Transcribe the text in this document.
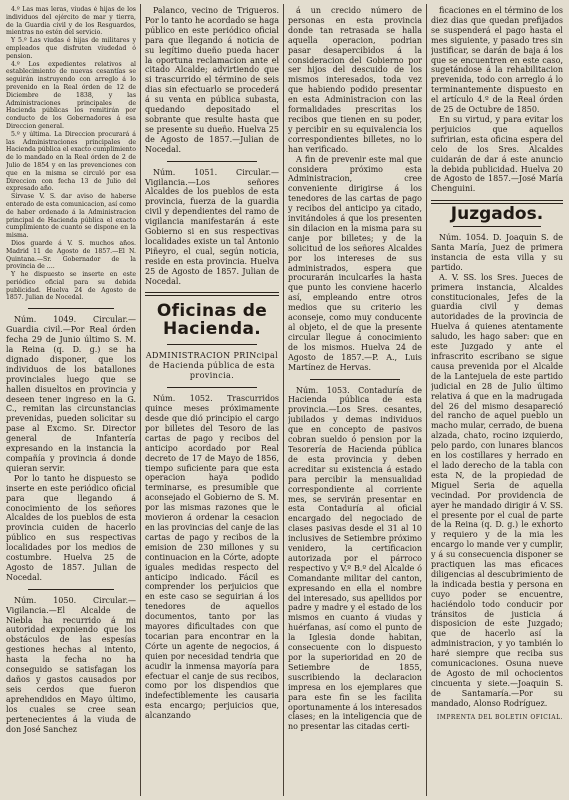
4.º Las mas leras, viudas é hijas de los individuos del ejército de mar y tierra, de la Guardia civil y de los Resguardos, mientras no estén del servicio.

Y 5.º Las viudas é hijas de militares y empleados que disfruten viudedad ó pension.

4.º Los expedientes relativos al establecimiento de nuevas cesantías se seguirán instruyendo con arreglo á lo prevenido en la Real órden de 12 de Diciembre de 1838, y las Administraciones principales de Hacienda públicas los remitirán por conducto de los Gobernadores á esa Direccion general.

5.º y última. La Direccion procurará á las Administraciones principales de Hacienda pública el exacto cumplimiento de lo mandado en la Real órden de 2 de Julio de 1854 y en las prevenciones con que en la misma se circuló por esa Direccion con fecha 13 de Julio del expresado año.

Sírvase V. S. dar aviso de haberse enterado de esta comunicacion, así como de haber ordenado á la Administracion principal de Hacienda pública el exacto cumplimiento de cuanto se dispone en la misma.

Dios guarde á V. S. muchos años. Madrid 11 de Agosto de 1857.—El N. Quintana.—Sr. Gobernador de la provincia de ....

Y he dispuesto se inserte en este periódico oficial para su debida publicidad. Huelva 24 de Agosto de 1857. Julian de Nocedal.

Núm. 1049. Circular.—Guardia civil.—Por Real órden fecha 29 de Junio último S. M. la Reina (q. D. g.) se ha dignado disponer, que los individuos de los batallones provinciales luego que se hallen disueltos en provincia y deseen tener ingreso en la G. C., remitan las circunstancias prevenidas, pueden solicitar su pase al Excmo. Sr. Director general de Infantería expresando en la instancia la compañía y provincia á donde quieran servir.

Por lo tanto he dispuesto se inserte en este periódico oficial para que llegando á conocimiento de los señores Alcaldes de los pueblos de esta provincia cuiden de hacerlo público en sus respectivas localidades por los medios de costumbre. Huelva 25 de Agosto de 1857. Julian de Nocedal.

Núm. 1050. Circular.—Vigilancia.—El Alcalde de Niebla ha recurrido á mi autoridad exponiendo que los obstáculos de las espesías gestiones hechas al intento, hasta la fecha no ha conseguido se satisfagan los daños y gastos causados por seis cerdos que fueron aprehendidos en Mayo último, los cuales se cree sean pertenecientes á la viuda de don José Sanchez

Palanco, vecino de Trigueros. Por lo tanto he acordado se haga público en este periódico oficial para que llegando á noticia de su legítimo dueño pueda hacer la oportuna reclamacion ante el citado Alcalde; advirtiendo que si trascurrido el término de seis dias sin efectuarlo se procederá á su venta en pública subasta, quedando depositado el sobrante que resulte hasta que se presente su dueño. Huelva 25 de Agosto de 1857.—Julian de Nocedal.

Núm. 1051. Circular.—Vigilancia.—Los señores Alcaldes de los pueblos de esta provincia, fuerza de la guardia civil y dependientes del ramo de vigilancia manifestarán á este Gobierno si en sus respectivas localidades existe un tal Antonio Piñeyro, el cual, según noticia, reside en esta provincia. Huelva 25 de Agosto de 1857. Julian de Nocedal.

Oficinas de Hacienda.

ADMINISTRACION PRINcipal de Hacienda pública de esta provincia.

Núm. 1052. Trascurridos quince meses próximamente desde que dió principio el cargo por billetes del Tesoro de las cartas de pago y recibos del anticipo acordado por Real decreto de 17 de Mayo de 1856, tiempo suficiente para que esta operacion haya podido terminarse, es presumible que aconsejado el Gobierno de S. M. por las mismas razones que le movieron á ordenar la cesacion en las provincias del canje de las cartas de pago y recibos de la emision de 230 millones y su continuacion en la Córte, adopte iguales medidas respecto del anticipo indicado. Fácil es comprender los perjuicios que en este caso se seguirian á los tenedores de aquellos documentos, tanto por las mayores dificultades con que tocarian para encontrar en la Córte un agente de negocios, á quien por necesidad tendria que acudir la inmensa mayoría para efectuar el canje de sus recibos, como por los dispendios que indefectiblemente les causaria esta encargo; perjuicios que, alcanzando

á un crecido número de personas en esta provincia donde tan retrasada se halla aquella operacion, podrian pasar desapercibidos á la consideracion del Gobierno por ser hijos del descuido de los mismos interesados, toda vez que habiendo podido presentar en esta Administracion con las formalidades prescritas los recibos que tienen en su poder, y percibir en su equivalencia los correspondientes billetes, no lo han verificado.

A fin de prevenir este mal que considera próximo esta Administracion, cree conveniente dirigirse á los tenedores de las cartas de pago y recibos del anticipo ya citado, invitándoles á que los presenten sin dilacion en la misma para su canje por billetes; y de la solicitud de los señores Alcaldes por los intereses de sus administrados, espera que procurarán inculcarles la hasta que punto les conviene hacerlo así, empleando entre otros medios que su criterio les aconseje, como muy conducente al objeto, el de que la presente circular llegue á conocimiento de los mismos. Huelva 24 de Agosto de 1857.—P. A., Luis Martínez de Hervas.

Núm. 1053. Contaduría de Hacienda pública de esta provincia.—Los Sres. cesantes, jubilados y demas individuos que en concepto de pasivos cobran sueldo ó pension por la Tesorería de Hacienda pública de esta provincia y deben acreditar su existencia á estado para percibir la mensualidad correspondiente al corriente mes, se servirán presentar en esta Contaduría al oficial encargado del negociado de clases pasivas desde el 31 al 10 inclusives de Setiembre próximo venidero, la certificacion autorizada por el párroco respectivo y V.º B.º del Alcalde ó Comandante militar del canton, expresando en ella el nombre del interesado, sus apellidos por padre y madre y el estado de los mismos en cuanto á viudas y huérfanas, así como el punto de la Iglesia donde habitan, consecuente con lo dispuesto por la superioridad en 20 de Setiembre de 1855, suscribiendo la declaracion impresa en los ejemplares que para este fin se les facilita oportunamente á los interesados clases; en la inteligencia que de no presentar las citadas certi-

ficaciones en el término de los diez dias que quedan prefijados se suspenderá el pago hasta el mes siguiente, y pasado tres sin justificar, se darán de baja á los que se encuentren en este caso, sugetándose á la rehabilitacion prevenida, todo con arreglo á lo terminantemente dispuesto en el artículo 4.º de la Real órden de 25 de Octubre de 1850.

En su virtud, y para evitar los perjuicios que aquellos sufririan, esta oficina espera del celo de los Sres. Alcaldes cuidarán de dar á este anuncio la debida publicidad. Huelva 20 de Agosto de 1857.—José María Chenguini.

Juzgados.

Núm. 1054. D. Joaquin S. de Santa María, Juez de primera instancia de esta villa y su partido.

A. V. SS. los Sres. Jueces de primera instancia, Alcaldes constitucionales, Jefes de la guardia civil y demas autoridades de la provincia de Huelva á quienes atentamente saludo, les hago saber: que en este Juzgado y ante el infrascrito escribano se sigue causa prevenida por el Alcalde de la Lantejuela de este partido judicial en 28 de Julio último relativa á que en la madrugada del 26 del mismo desapareció del rancho de aquel pueblo un macho mular, cerrado, de buena alzada, chato, rocino izquierdo, pelo pardo, con lunares blancos en los costillares y herrado en el lado derecho de la tabla con esta N, de la propiedad de Miguel Seria de aquella vecindad. Por providencia de ayer he mandado dirigir á V. SS. el presente por el cual de parte de la Reina (q. D. g.) le exhorto y requiero y de la mia les encargo lo mande ver y cumplir, y á su consecuencia disponer se practiquen las mas eficaces diligencias al descubrimiento de la indicada bestia y persona en cuyo poder se encuentre, haciéndolo todo conducir por tránsitos de justicia á disposicion de este Juzgado; que de hacerlo así la administracion, y yo también lo haré siempre que reciba sus comunicaciones. Osuna nueve de Agosto de mil ochocientos cincuenta y siete.—Joaquin S. de Santamaría.—Por su mandado, Alonso Rodríguez.

IMPRENTA DEL BOLETIN OFICIAL.
